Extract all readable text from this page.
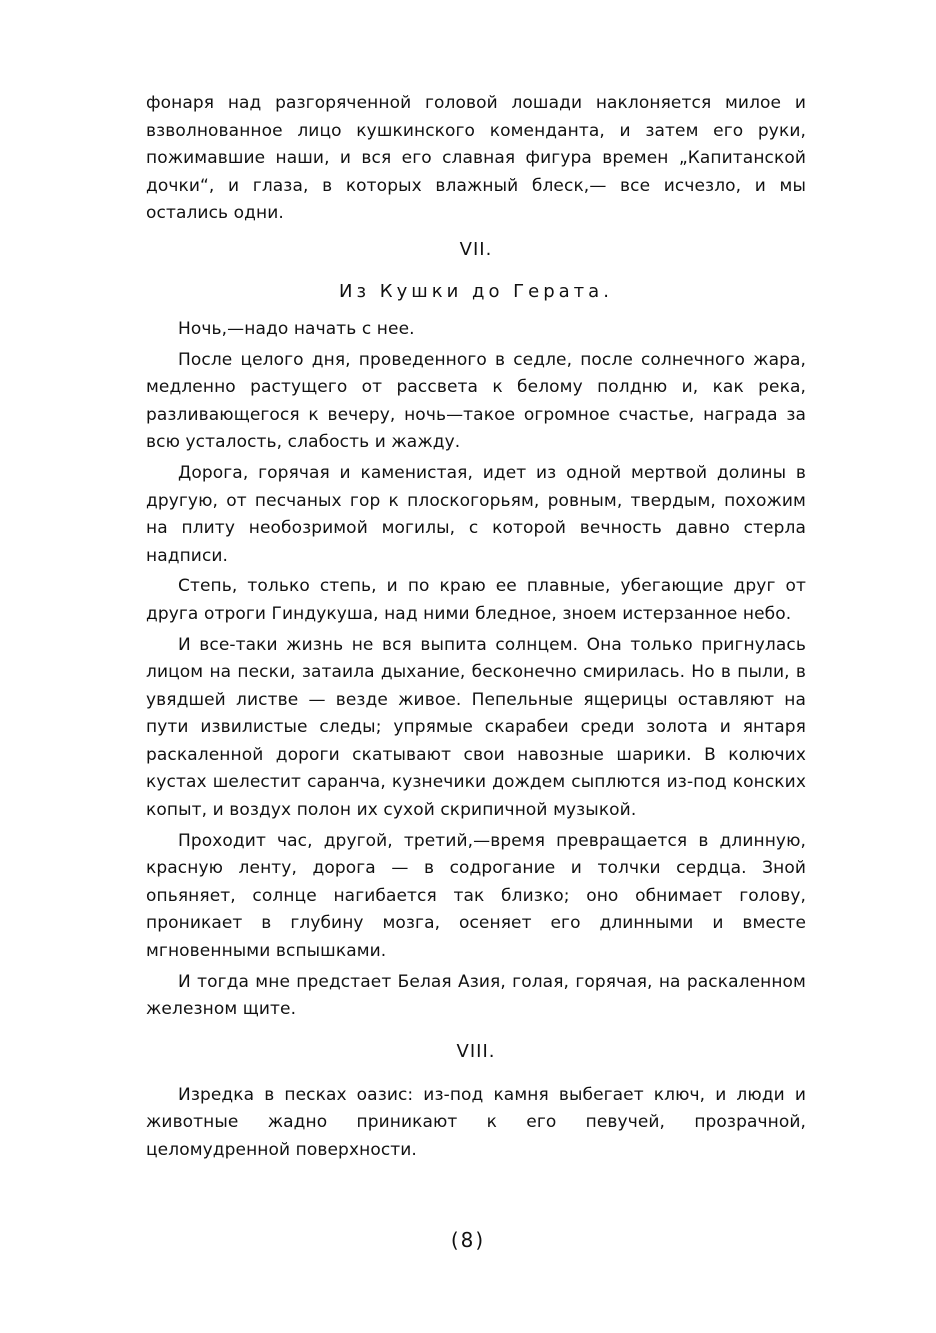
фонаря над разгоряченной головой лошади наклоняется милое и взволнованное лицо кушкинского коменданта, и затем его руки, пожимавшие наши, и вся его славная фигура времен „Капитанской дочки“, и глаза, в которых влажный блеск,— все исчезло, и мы остались одни.

VII.

Из Кушки до Герата.

Ночь,—надо начать с нее.

После целого дня, проведенного в седле, после солнечного жара, медленно растущего от рассвета к белому полдню и, как река, разливающегося к вечеру, ночь—такое огромное счастье, награда за всю усталость, слабость и жажду.

Дорога, горячая и каменистая, идет из одной мертвой долины в другую, от песчаных гор к плоскогорьям, ровным, твердым, похожим на плиту необозримой могилы, с которой вечность давно стерла надписи.

Степь, только степь, и по краю ее плавные, убегающие друг от друга отроги Гиндукуша, над ними бледное, зноем истерзанное небо.

И все-таки жизнь не вся выпита солнцем. Она только пригнулась лицом на пески, затаила дыхание, бесконечно смирилась. Но в пыли, в увядшей листве — везде живое. Пепельные ящерицы оставляют на пути извилистые следы; упрямые скарабеи среди золота и янтаря раскаленной дороги скатывают свои навозные шарики. В колючих кустах шелестит саранча, кузнечики дождем сыплются из-под конских копыт, и воздух полон их сухой скрипичной музыкой.

Проходит час, другой, третий,—время превращается в длинную, красную ленту, дорога — в содрогание и толчки сердца. Зной опьяняет, солнце нагибается так близко; оно обнимает голову, проникает в глубину мозга, осеняет его длинными и вместе мгновенными вспышками.

И тогда мне предстает Белая Азия, голая, горячая, на раскаленном железном щите.

VIII.

Изредка в песках оазис: из-под камня выбегает ключ, и люди и животные жадно приникают к его певучей, прозрачной, целомудренной поверхности.

(8)
